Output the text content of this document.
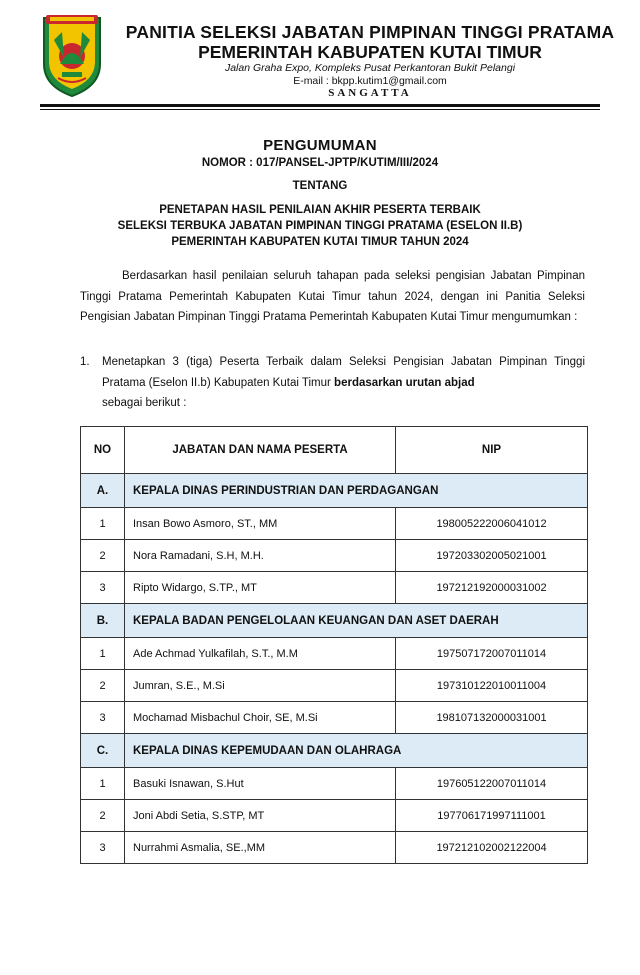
PANITIA SELEKSI JABATAN PIMPINAN TINGGI PRATAMA
PEMERINTAH KABUPATEN KUTAI TIMUR
Jalan Graha Expo, Kompleks Pusat Perkantoran Bukit Pelangi
E-mail : bkpp.kutim1@gmail.com
SANGATTA
PENGUMUMAN
NOMOR : 017/PANSEL-JPTP/KUTIM/III/2024
TENTANG
PENETAPAN HASIL PENILAIAN AKHIR PESERTA TERBAIK
SELEKSI TERBUKA JABATAN PIMPINAN TINGGI PRATAMA (ESELON II.B)
PEMERINTAH KABUPATEN KUTAI TIMUR TAHUN 2024
Berdasarkan hasil penilaian seluruh tahapan pada seleksi pengisian Jabatan Pimpinan Tinggi Pratama Pemerintah Kabupaten Kutai Timur tahun 2024, dengan ini Panitia Seleksi Pengisian Jabatan Pimpinan Tinggi Pratama Pemerintah Kabupaten Kutai Timur mengumumkan :
1. Menetapkan 3 (tiga) Peserta Terbaik dalam Seleksi Pengisian Jabatan Pimpinan Tinggi Pratama (Eselon II.b) Kabupaten Kutai Timur berdasarkan urutan abjad
sebagai berikut :
NO	JABATAN DAN NAMA PESERTA	NIP
A.	KEPALA DINAS PERINDUSTRIAN DAN PERDAGANGAN	
1	Insan Bowo Asmoro, ST., MM	198005222006041012
2	Nora Ramadani, S.H, M.H.	197203302005021001
3	Ripto Widargo, S.TP., MT	197212192000031002
B.	KEPALA BADAN PENGELOLAAN KEUANGAN DAN ASET DAERAH	
1	Ade Achmad Yulkafilah, S.T., M.M	197507172007011014
2	Jumran, S.E., M.Si	197310122010011004
3	Mochamad Misbachul Choir, SE, M.Si	198107132000031001
C.	KEPALA DINAS KEPEMUDAAN DAN OLAHRAGA	
1	Basuki Isnawan, S.Hut	197605122007011014
2	Joni Abdi Setia, S.STP, MT	197706171997111001
3	Nurrahmi Asmalia, SE.,MM	197212102002122004
